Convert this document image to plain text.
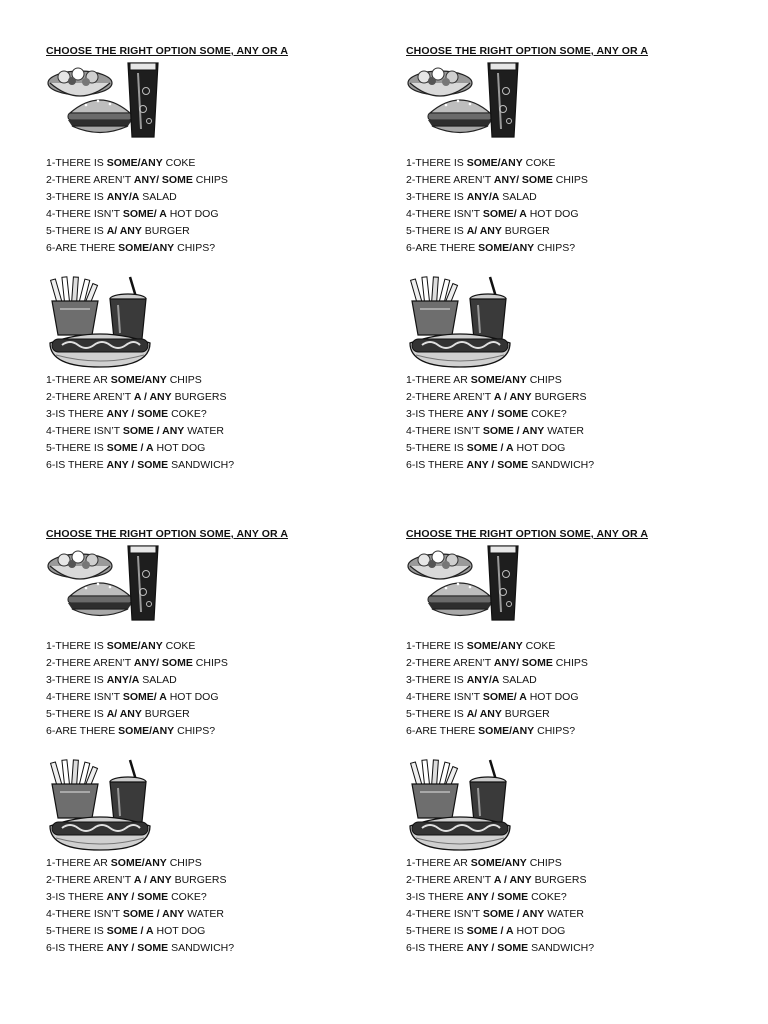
CHOOSE THE RIGHT OPTION SOME, ANY OR A
1-THERE IS SOME/ANY COKE
2-THERE AREN’T ANY/ SOME CHIPS
3-THERE IS ANY/A SALAD
4-THERE ISN’T SOME/ A HOT DOG
5-THERE IS A/ ANY BURGER
6-ARE THERE SOME/ANY CHIPS?
1-THERE AR SOME/ANY CHIPS
2-THERE AREN’T A / ANY BURGERS
3-IS THERE ANY / SOME COKE?
4-THERE ISN’T SOME / ANY WATER
5-THERE IS SOME / A HOT DOG
6-IS THERE ANY / SOME SANDWICH?
CHOOSE THE RIGHT OPTION SOME, ANY OR A
1-THERE IS SOME/ANY COKE
2-THERE AREN’T ANY/ SOME CHIPS
3-THERE IS ANY/A SALAD
4-THERE ISN’T SOME/ A HOT DOG
5-THERE IS A/ ANY BURGER
6-ARE THERE SOME/ANY CHIPS?
1-THERE AR SOME/ANY CHIPS
2-THERE AREN’T A / ANY BURGERS
3-IS THERE ANY / SOME COKE?
4-THERE ISN’T SOME / ANY WATER
5-THERE IS SOME / A HOT DOG
6-IS THERE ANY / SOME SANDWICH?
CHOOSE THE RIGHT OPTION SOME, ANY OR A
1-THERE IS SOME/ANY COKE
2-THERE AREN’T ANY/ SOME CHIPS
3-THERE IS ANY/A SALAD
4-THERE ISN’T SOME/ A HOT DOG
5-THERE IS A/ ANY BURGER
6-ARE THERE SOME/ANY CHIPS?
1-THERE AR SOME/ANY CHIPS
2-THERE AREN’T A / ANY BURGERS
3-IS THERE ANY / SOME COKE?
4-THERE ISN’T SOME / ANY WATER
5-THERE IS SOME / A HOT DOG
6-IS THERE ANY / SOME SANDWICH?
CHOOSE THE RIGHT OPTION SOME, ANY OR A
1-THERE IS SOME/ANY COKE
2-THERE AREN’T ANY/ SOME CHIPS
3-THERE IS ANY/A SALAD
4-THERE ISN’T SOME/ A HOT DOG
5-THERE IS A/ ANY BURGER
6-ARE THERE SOME/ANY CHIPS?
1-THERE AR SOME/ANY CHIPS
2-THERE AREN’T A / ANY BURGERS
3-IS THERE ANY / SOME COKE?
4-THERE ISN’T SOME / ANY WATER
5-THERE IS SOME / A HOT DOG
6-IS THERE ANY / SOME SANDWICH?
